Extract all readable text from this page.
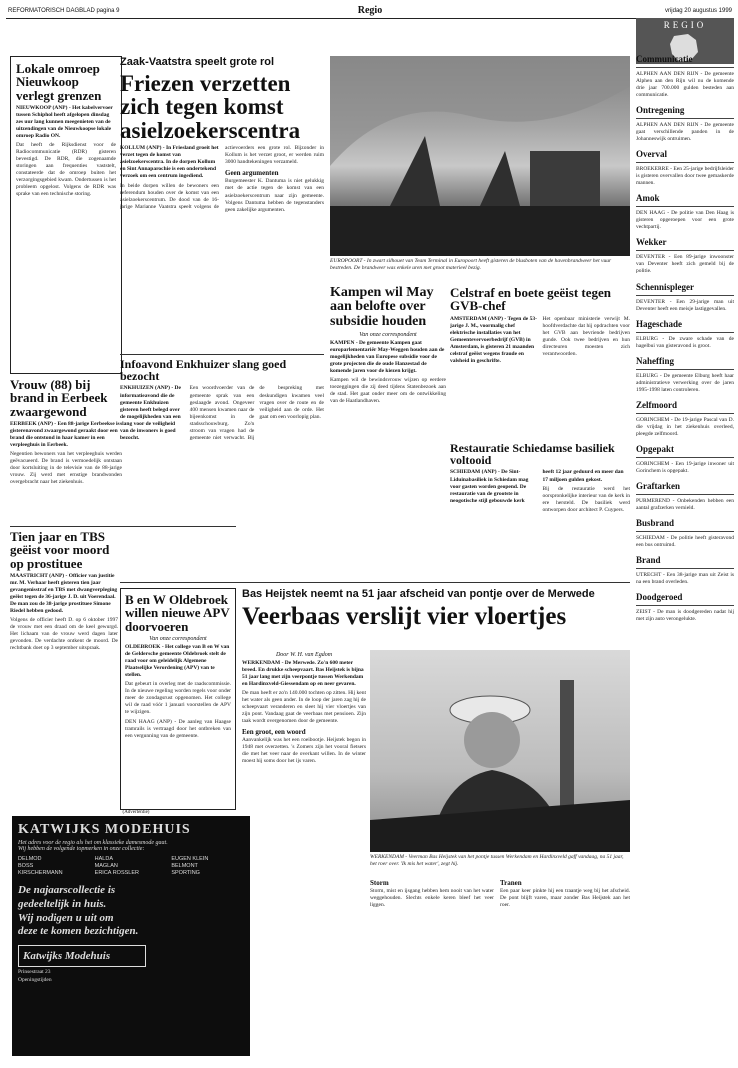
REFORMATORISCH DAGBLAD pagina 9	Regio	vrijdag 20 augustus 1999
Lokale omroep Nieuwkoop verlegt grenzen

NIEUWKOOP (ANP) - Het kabelvervoer tussen Schiphol heeft afgelopen dinsdag zes uur lang kunnen meegenieten van de uitzendingen van de Nieuwkoopse lokale omroep Radio ON.

Dat heeft de Rijksdienst voor de Radiocommunicatie (RDR) gisteren bevestigd. De RDR, die zogenaamde storingen aan frequenties vaststelt, constateerde dat de omroep buiten het verzorgingsgebied kwam. Ondertussen is het probleem opgelost. Volgens de RDR was sprake van een technische storing.

Vrouw (88) bij brand in Eerbeek zwaargewond

EERBEEK (ANP) - Een 88-jarige Eerbeekse is gisterenavond zwaargewond geraakt door een brand die ontstond in haar kamer in een verpleeghuis in Eerbeek.

Negentien bewoners van het verpleeghuis werden geëvacueerd. De brand is vermoedelijk ontstaan door kortsluiting in de televisie van de 88-jarige vrouw. Zij werd met ernstige brandwonden overgebracht naar het ziekenhuis.

Tien jaar en TBS geëist voor moord op prostituee

MAASTRICHT (ANP) - Officier van justitie mr. M. Verhaar heeft gisteren tien jaar gevangenisstraf en TBS met dwangverpleging geëist tegen de 36-jarige J. D. uit Voerendaal. De man zou de 38-jarige prostituee Simone Riedel hebben gedood.

Volgens de officier heeft D. op 6 oktober 1997 de vrouw met een draad om de keel gewurgd. Het lichaam van de vrouw werd dagen later gevonden. De verdachte ontkent de moord. De rechtbank doet op 3 september uitspraak.

Zaak-Vaatstra speelt grote rol
Friezen verzetten zich tegen komst asielzoekerscentra

KOLLUM (ANP) - In Friesland groeit het verzet tegen de komst van asielzoekerscentra. In de dorpen Kollum en Sint Annaparochie is een ondertekend verzoek om een centrum ingediend.

In beide dorpen willen de bewoners een referendum houden over de komst van een asielzoekerscentrum. De dood van de 16-jarige Marianne Vaatstra speelt volgens de actievoerders een grote rol. Bijzonder in Kollum is het verzet groot, er werden ruim 3000 handtekeningen verzameld.

Geen argumenten

Burgemeester K. Dantuma is niet gelukkig met de actie tegen de komst van een asielzoekerscentrum naar zijn gemeente. Volgens Dantuma hebben de tegenstanders geen zakelijke argumenten.

EUROPOORT - In zwart silhouet van Team Terminal in Europoort heeft gisteren de blusboten van de havenbrandweer het vuur bestreden. De brandweer was enkele uren met groot materieel bezig.
Infoavond Enkhuizer slang goed bezocht

ENKHUIZEN (ANP) - De informatieavond die de gemeente Enkhuizen gisteren heeft belegd over de mogelijkheden van een slang voor de veiligheid van de inwoners is goed bezocht.

Een woordvoerder van de gemeente sprak van een geslaagde avond. Ongeveer 400 mensen kwamen naar de bijeenkomst in de stadsschouwburg. Zo'n stroom van vragen had de gemeente niet verwacht. Bij de bespreking met deskundigen kwamen veel vragen over de route en de veiligheid aan de orde. Het gaat om een voorlopig plan.

Kampen wil May aan belofte over subsidie houden
Van onze correspondent

KAMPEN - De gemeente Kampen gaat europarlementariër May-Weggen houden aan de mogelijkheden van Europese subsidie voor de grote projecten die de oude Hanzestad de komende jaren voor de kiezen krijgt.

Kampen wil de bewindsvrouw wijzen op eerdere toezeggingen die zij deed tijdens Statenbezoek aan de stad. Het gaat onder meer om de ontwikkeling van de Haatlandhaven.

Celstraf en boete geëist tegen GVB-chef

AMSTERDAM (ANP) - Tegen de 53-jarige J. M., voormalig chef elektrische installaties van het Gemeentevervoerbedrijf (GVB) in Amsterdam, is gisteren 21 maanden celstraf geëist wegens fraude en valsheid in geschrifte.

Het openbaar ministerie verwijt M. hoofdverdachte dat hij opdrachten voor het GVB aan bevriende bedrijven gunde. Ook twee bedrijven en hun directeuren moesten zich verantwoorden.

Restauratie Schiedamse basiliek voltooid

SCHIEDAM (ANP) - De Sint-Liduinabasiliek in Schiedam mag voor gasten worden geopend. De restauratie van de grootste in neogotische stijl gebouwde kerk heeft 12 jaar geduurd en meer dan 17 miljoen gulden gekost.

Bij de restauratie werd het oorspronkelijke interieur van de kerk in ere hersteld. De basiliek werd ontworpen door architect P. Cuypers.

B en W Oldebroek willen nieuwe APV doorvoeren
Van onze correspondent

OLDEBROEK - Het college van B en W van de Geldersche gemeente Oldebroek stelt de raad voor om geleidelijk Algemene Plaatselijke Verordening (APV) van te stellen.

Dat gebeurt in overleg met de raadscommissie. In de nieuwe regeling worden regels voor onder meer de zondagsrust opgenomen. Het college wil de raad vóór 1 januari voorstellen de APV te wijzigen.

DEN HAAG (ANP) - De aanleg van Haagse tramrails is vertraagd door het ontbreken van een vergunning van de gemeente.

Bas Heijstek neemt na 51 jaar afscheid van pontje over de Merwede
Veerbaas verslijt vier vloertjes
Door W. H. van Egdom

WERKENDAM - De Merwede. Zo'n 600 meter breed. En drukke scheepvaart. Bas Heijstek is bijna 51 jaar lang met zijn veerpontje tussen Werkendam en Hardinxveld-Giessendam op en neer gevaren.

De man heeft er zo'n 140.000 tochten op zitten. Hij kent het water als geen ander. In de loop der jaren zag hij de scheepvaart veranderen en sleet hij vier vloertjes van zijn pont. Vandaag gaat de veerbaas met pensioen. Zijn taak wordt overgenomen door de gemeente.

Een groot, een woord

Aanvankelijk was het een roeibootje. Heijstek begon in 1948 met overzetten. 's Zomers zijn het vooral fietsers die met het veer naar de overkant willen. In de winter moest hij soms door het ijs varen.

WERKENDAM - Veerman Bas Heijstek van het pontje tussen Werkendam en Hardinxveld gaff vandaag, na 51 jaar, het roer over. 'Ik mis het water', zegt hij.
Storm

Storm, mist en ijsgang hebben hem nooit van het water weggehouden. Slechts enkele keren bleef het veer liggen.

Tranen

Een paar keer pinkte hij een traantje weg bij het afscheid. De pont blijft varen, maar zonder Bas Heijstek aan het roer.

KATWIJKS MODEHUIS
Het adres voor de regio als het om klassieke damesmode gaat.
Wij hebben de volgende topmerken in onze collectie:
DELMOD	HALDA	EUGEN KLEIN
BOSS	MAGLAN	BELMONT
KIRSCHERMANN	ERICA ROSSLER	SPORTING
De najaarscollectie is
gedeeltelijk in huis.
Wij nodigen u uit om
deze te komen bezichtigen.
Katwijks Modehuis
Prinsestraat 23
Openingstijden
(Advertentie)
REGIO
Communicatie
ALPHEN AAN DEN RIJN - De gemeente Alphen aan den Rijn wil nu de komende drie jaar 700.000 gulden besteden aan communicatie.
Ontregening
ALPHEN AAN DEN RIJN - De gemeente gaat verschillende panden in de Johanneswijk ontruimen.
Overval
BROEKERRE - Een 25-jarige bedrijfsleider is gisteren overvallen door twee gemaskerde mannen.
Amok
DEN HAAG - De politie van Den Haag is gisteren opgeroepen voor een grote vechtpartij.
Wekker
DEVENTER - Een 89-jarige inwoonster van Deventer heeft zich gemeld bij de politie.
Schennispleger
DEVENTER - Een 29-jarige man uit Deventer heeft een meisje lastiggevallen.
Hageschade
ELBURG - De zware schade van de hagelbui van gisteravond is groot.
Naheffing
ELBURG - De gemeente Elburg heeft haar administratieve verwerking over de jaren 1995-1998 laten controleren.
Zelfmoord
GORINCHEM - De 19-jarige Pascal van D. die vrijdag in het ziekenhuis overleed, pleegde zelfmoord.
Opgepakt
GORINCHEM - Een 19-jarige inwoner uit Gorinchem is opgepakt.
Graftarken
PURMEREND - Onbekenden hebben een aantal grafzerken vernield.
Busbrand
SCHIEDAM - De politie heeft gisteravond een bus ontruimd.
Brand
UTRECHT - Een 38-jarige man uit Zeist is na een brand overleden.
Doodgeroed
ZEIST - De man is doodgereden nadat hij met zijn auto verongelukte.
